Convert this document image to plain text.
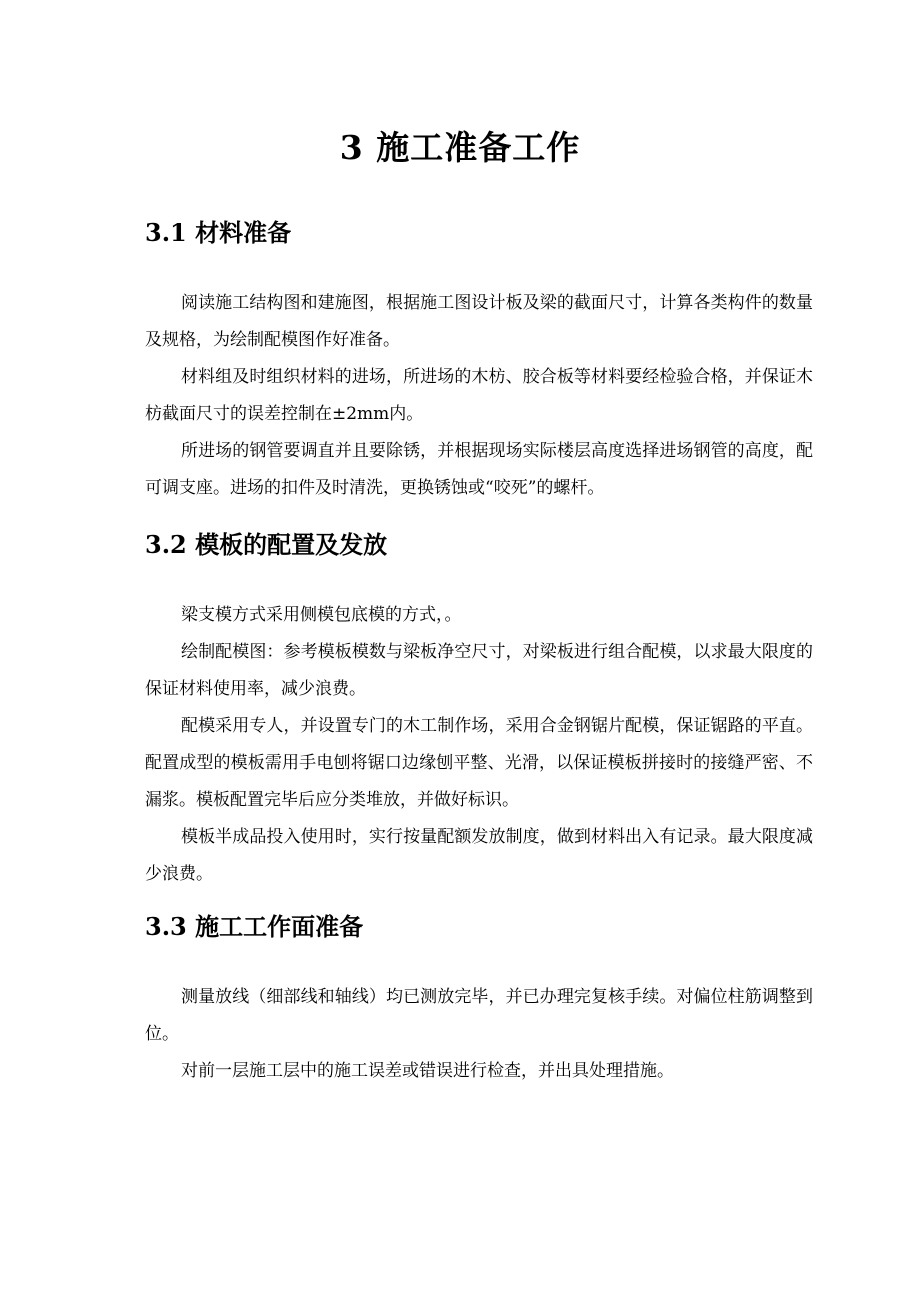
3 施工准备工作
3.1 材料准备

阅读施工结构图和建施图，根据施工图设计板及梁的截面尺寸，计算各类构件的数量及规格，为绘制配模图作好准备。

材料组及时组织材料的进场，所进场的木枋、胶合板等材料要经检验合格，并保证木枋截面尺寸的误差控制在±2mm内。

所进场的钢管要调直并且要除锈，并根据现场实际楼层高度选择进场钢管的高度，配可调支座。进场的扣件及时清洗，更换锈蚀或“咬死”的螺杆。

3.2 模板的配置及发放

梁支模方式采用侧模包底模的方式，。

绘制配模图：参考模板模数与梁板净空尺寸，对梁板进行组合配模，以求最大限度的保证材料使用率，减少浪费。

配模采用专人，并设置专门的木工制作场，采用合金钢锯片配模，保证锯路的平直。配置成型的模板需用手电刨将锯口边缘刨平整、光滑，以保证模板拼接时的接缝严密、不漏浆。模板配置完毕后应分类堆放，并做好标识。

模板半成品投入使用时，实行按量配额发放制度，做到材料出入有记录。最大限度减少浪费。

3.3 施工工作面准备

测量放线（细部线和轴线）均已测放完毕，并已办理完复核手续。对偏位柱筋调整到位。

对前一层施工层中的施工误差或错误进行检查，并出具处理措施。
